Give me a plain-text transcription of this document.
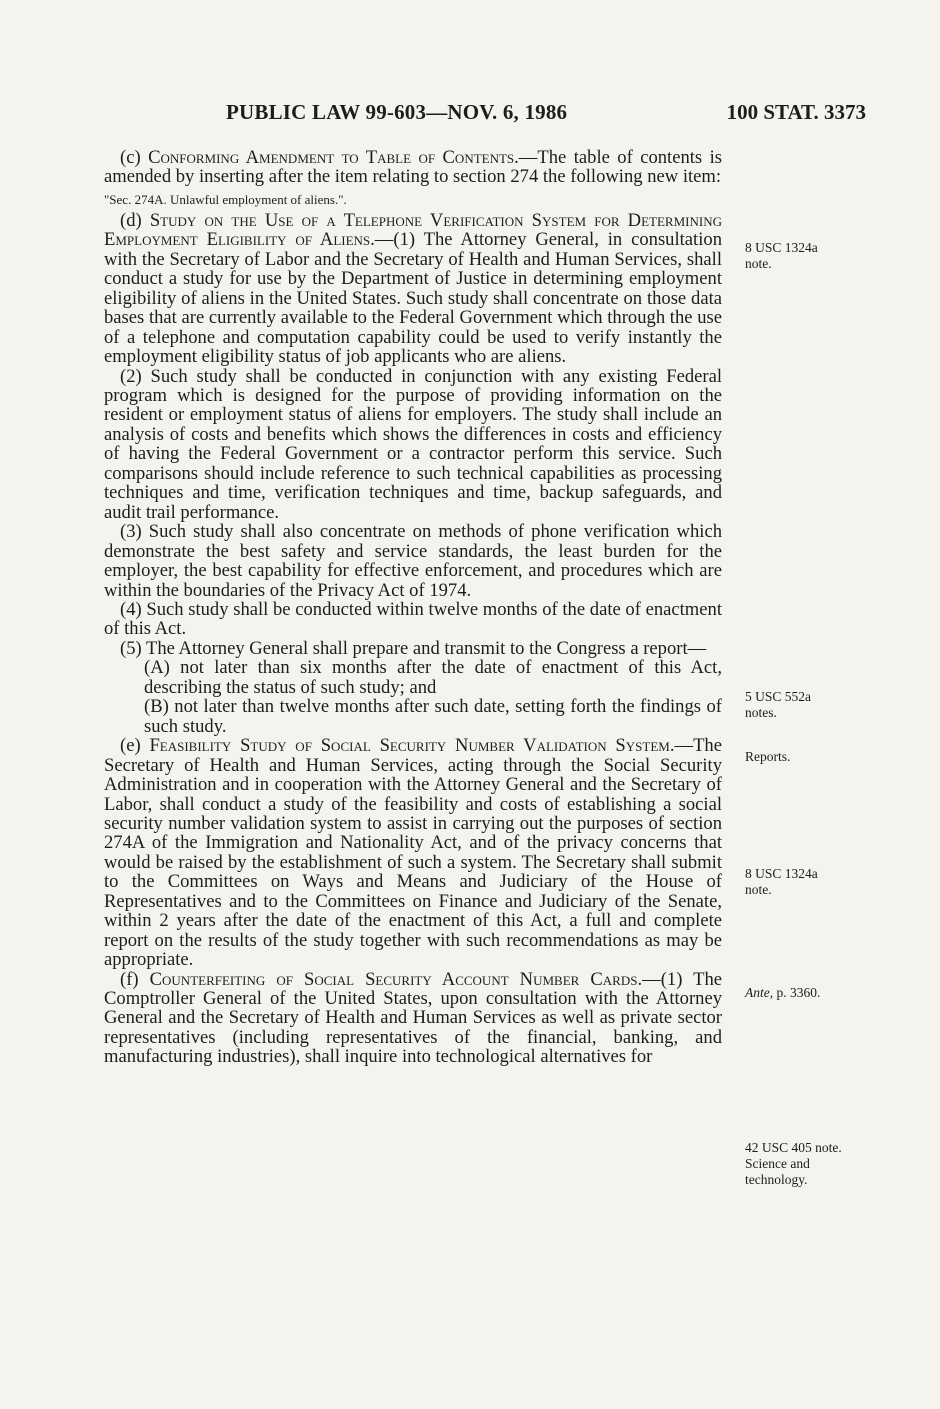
PUBLIC LAW 99-603—NOV. 6, 1986	100 STAT. 3373

(c) Conforming Amendment to Table of Contents.—The table of contents is amended by inserting after the item relating to section 274 the following new item:

"Sec. 274A. Unlawful employment of aliens.".

(d) Study on the Use of a Telephone Verification System for Determining Employment Eligibility of Aliens.—(1) The Attorney General, in consultation with the Secretary of Labor and the Secretary of Health and Human Services, shall conduct a study for use by the Department of Justice in determining employment eligibility of aliens in the United States. Such study shall concentrate on those data bases that are currently available to the Federal Government which through the use of a telephone and computation capability could be used to verify instantly the employment eligibility status of job applicants who are aliens.

(2) Such study shall be conducted in conjunction with any existing Federal program which is designed for the purpose of providing information on the resident or employment status of aliens for employers. The study shall include an analysis of costs and benefits which shows the differences in costs and efficiency of having the Federal Government or a contractor perform this service. Such comparisons should include reference to such technical capabilities as processing techniques and time, verification techniques and time, backup safeguards, and audit trail performance.

(3) Such study shall also concentrate on methods of phone verification which demonstrate the best safety and service standards, the least burden for the employer, the best capability for effective enforcement, and procedures which are within the boundaries of the Privacy Act of 1974.

(4) Such study shall be conducted within twelve months of the date of enactment of this Act.

(5) The Attorney General shall prepare and transmit to the Congress a report—

(A) not later than six months after the date of enactment of this Act, describing the status of such study; and

(B) not later than twelve months after such date, setting forth the findings of such study.

(e) Feasibility Study of Social Security Number Validation System.—The Secretary of Health and Human Services, acting through the Social Security Administration and in cooperation with the Attorney General and the Secretary of Labor, shall conduct a study of the feasibility and costs of establishing a social security number validation system to assist in carrying out the purposes of section 274A of the Immigration and Nationality Act, and of the privacy concerns that would be raised by the establishment of such a system. The Secretary shall submit to the Committees on Ways and Means and Judiciary of the House of Representatives and to the Committees on Finance and Judiciary of the Senate, within 2 years after the date of the enactment of this Act, a full and complete report on the results of the study together with such recommendations as may be appropriate.

(f) Counterfeiting of Social Security Account Number Cards.—(1) The Comptroller General of the United States, upon consultation with the Attorney General and the Secretary of Health and Human Services as well as private sector representatives (including representatives of the financial, banking, and manufacturing industries), shall inquire into technological alternatives for

8 USC 1324a
note.
5 USC 552a
notes.
Reports.
8 USC 1324a
note.
Ante, p. 3360.
42 USC 405 note.
Science and
technology.
